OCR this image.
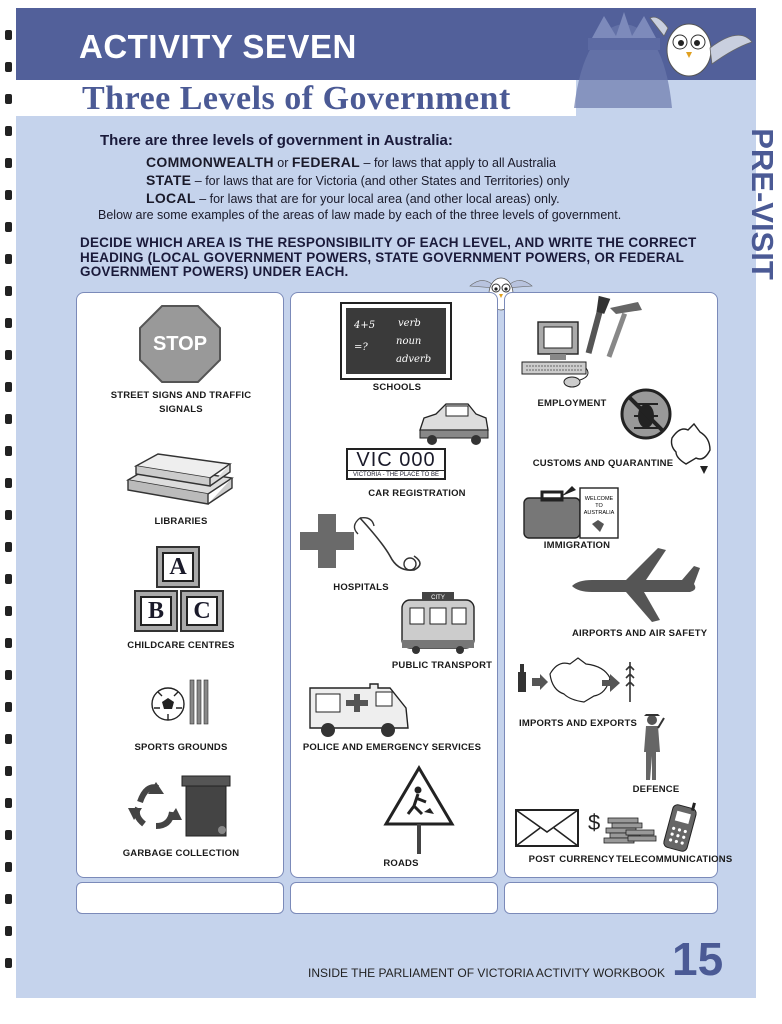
ACTIVITY SEVEN
Three Levels of Government
PRE-VISIT
There are three levels of government in Australia:
COMMONWEALTH or FEDERAL – for laws that apply to all Australia
STATE – for laws that are for Victoria (and other States and Territories) only
LOCAL – for laws that are for your local area (and other local areas) only.
Below are some examples of the areas of law made by each of the three levels of government.
DECIDE WHICH AREA IS THE RESPONSIBILITY OF EACH LEVEL, AND WRITE THE CORRECT HEADING (LOCAL GOVERNMENT POWERS, STATE GOVERNMENT POWERS, OR FEDERAL GOVERNMENT POWERS) UNDER EACH.
STOP
STREET SIGNS AND TRAFFIC
SIGNALS
LIBRARIES
A
B	C
CHILDCARE CENTRES
SPORTS GROUNDS
GARBAGE COLLECTION
4+5 verb
=?
noun
adverb
SCHOOLS
VIC 000
VICTORIA - THE PLACE TO BE
CAR REGISTRATION
HOSPITALS
CITY
PUBLIC TRANSPORT
POLICE AND EMERGENCY SERVICES
ROADS
EMPLOYMENT
CUSTOMS AND QUARANTINE
WELCOME
TO
AUSTRALIA
IMMIGRATION
AIRPORTS AND AIR SAFETY
IMPORTS AND EXPORTS
DEFENCE
$
POST CURRENCY TELECOMMUNICATIONS
INSIDE THE PARLIAMENT OF VICTORIA ACTIVITY WORKBOOK 15
